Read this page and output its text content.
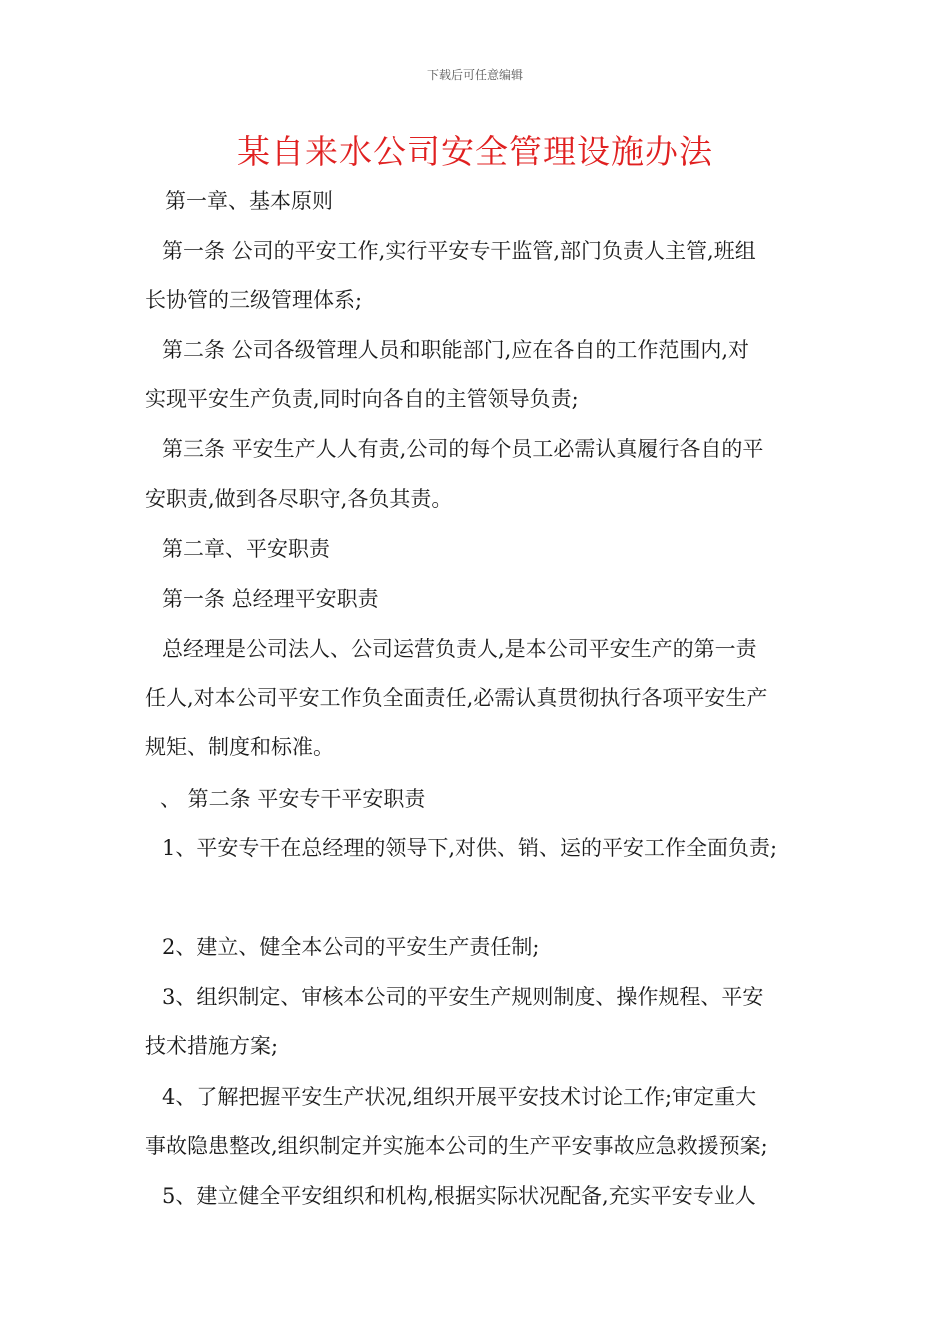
下载后可任意编辑
某自来水公司安全管理设施办法
第一章、基本原则
第一条 公司的平安工作,实行平安专干监管,部门负责人主管,班组
长协管的三级管理体系;
第二条 公司各级管理人员和职能部门,应在各自的工作范围内,对
实现平安生产负责,同时向各自的主管领导负责;
第三条 平安生产人人有责,公司的每个员工必需认真履行各自的平
安职责,做到各尽职守,各负其责。
第二章、平安职责
第一条 总经理平安职责
总经理是公司法人、公司运营负责人,是本公司平安生产的第一责
任人,对本公司平安工作负全面责任,必需认真贯彻执行各项平安生产
规矩、制度和标准。
、 第二条 平安专干平安职责
1、平安专干在总经理的领导下,对供、销、运的平安工作全面负责;
2、建立、健全本公司的平安生产责任制;
3、组织制定、审核本公司的平安生产规则制度、操作规程、平安
技术措施方案;
4、了解把握平安生产状况,组织开展平安技术讨论工作;审定重大
事故隐患整改,组织制定并实施本公司的生产平安事故应急救援预案;
5、建立健全平安组织和机构,根据实际状况配备,充实平安专业人
